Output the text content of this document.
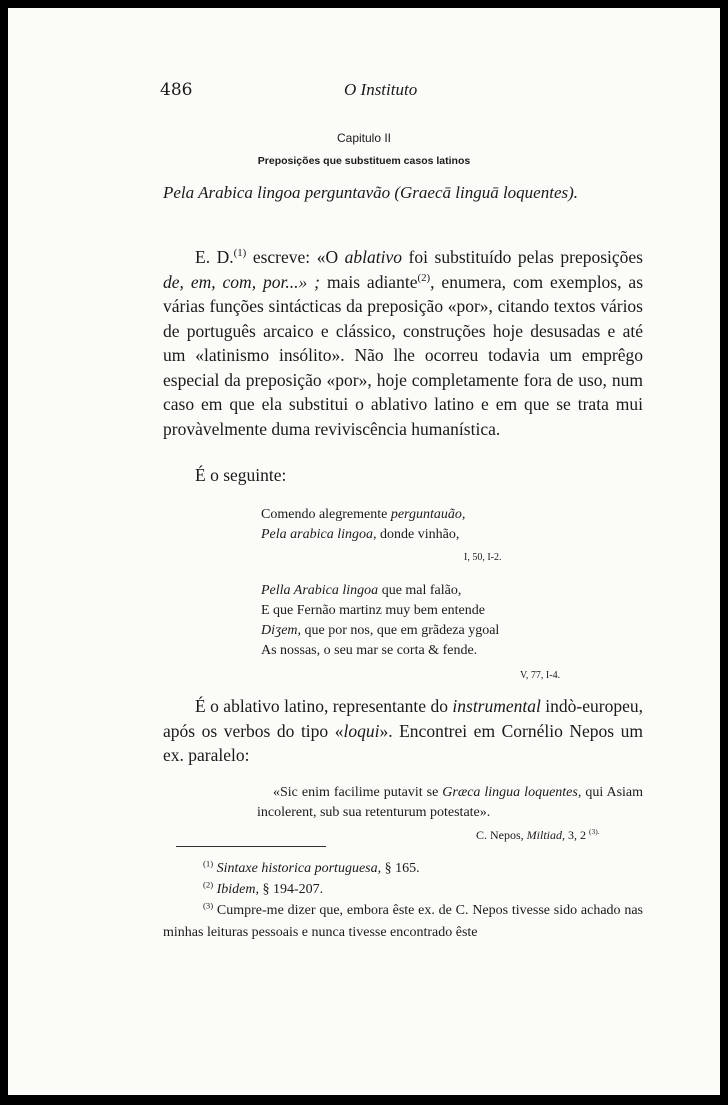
486	O Instituto
Capitulo II
Preposições que substituem casos latinos
Pela Arabica lingoa perguntavão (Graecā linguā loquentes).

E. D.$^{(1)}$ escreve: «O ablativo foi substituído pelas preposições de, em, com, por...» ; mais adiante$^{(2)}$, enumera, com exemplos, as várias funções sintácticas da preposição «por», citando textos vários de português arcaico e clássico, construções hoje desusadas e até um «latinismo insólito». Não lhe ocorreu todavia um emprêgo especial da preposição «por», hoje completamente fora de uso, num caso em que ela substitui o ablativo latino e em que se trata mui provàvelmente duma reviviscência humanística.

É o seguinte:

Comendo alegremente perguntauão,
Pela arabica lingoa, donde vinhão,
I, 50, I-2.
Pella Arabica lingoa que mal falão,
E que Fernão martinz muy bem entende
Diʒem, que por nos, que em grãdeza ygoal
As nossas, o seu mar se corta & fende.
V, 77, I-4.

É o ablativo latino, representante do instrumental indò-europeu, após os verbos do tipo «loqui». Encontrei em Cornélio Nepos um ex. paralelo:

«Sic enim facilime putavit se Græca lingua loquentes, qui Asiam incolerent, sub sua retenturum potestate».
C. Nepos, Miltiad, 3, 2 $^{(3).}$
$^{(1)}$ Sintaxe historica portuguesa, § 165.
$^{(2)}$ Ibidem, § 194-207.
$^{(3)}$ Cumpre-me dizer que, embora êste ex. de C. Nepos tivesse sido achado nas minhas leituras pessoais e nunca tivesse encontrado êste
